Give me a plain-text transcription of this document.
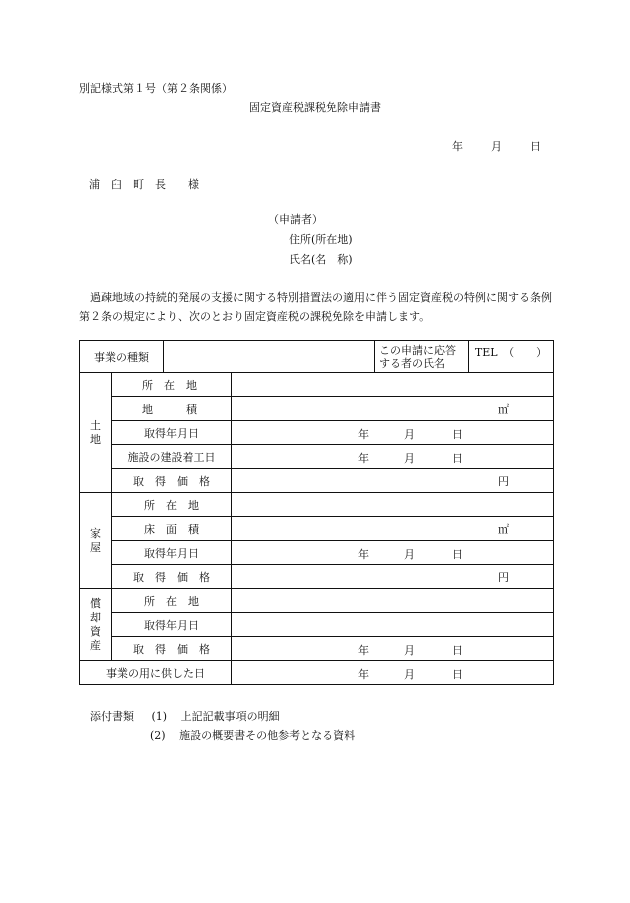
別記様式第１号（第２条関係）
固定資産税課税免除申請書
年	月	日
浦　臼　町　長　　様
（申請者）
住所(所在地)
氏名(名　称)
過疎地域の持続的発展の支援に関する特別措置法の適用に伴う固定資産税の特例に関する条例第２条の規定により、次のとおり固定資産税の課税免除を申請します。
事業の種類				この申請に応答
する者の氏名	TEL　（　　）
土
地	所　在　地				

	地　　　積		㎡		
	取得年月日		年 月 日		

	施設の建設着工日		年 月 日		

	取　得　価　格		円		
家
屋	所　在　地				
	床　面　積		㎡		
	取得年月日		年 月 日		

	取　得　価　格		円		
償
却
資
産	所　在　地				
	取得年月日				
	取　得　価　格		年 月 日		

事業の用に供した日			年 月 日		
添付書類 (1) 上記記載事項の明細
(2) 施設の概要書その他参考となる資料
